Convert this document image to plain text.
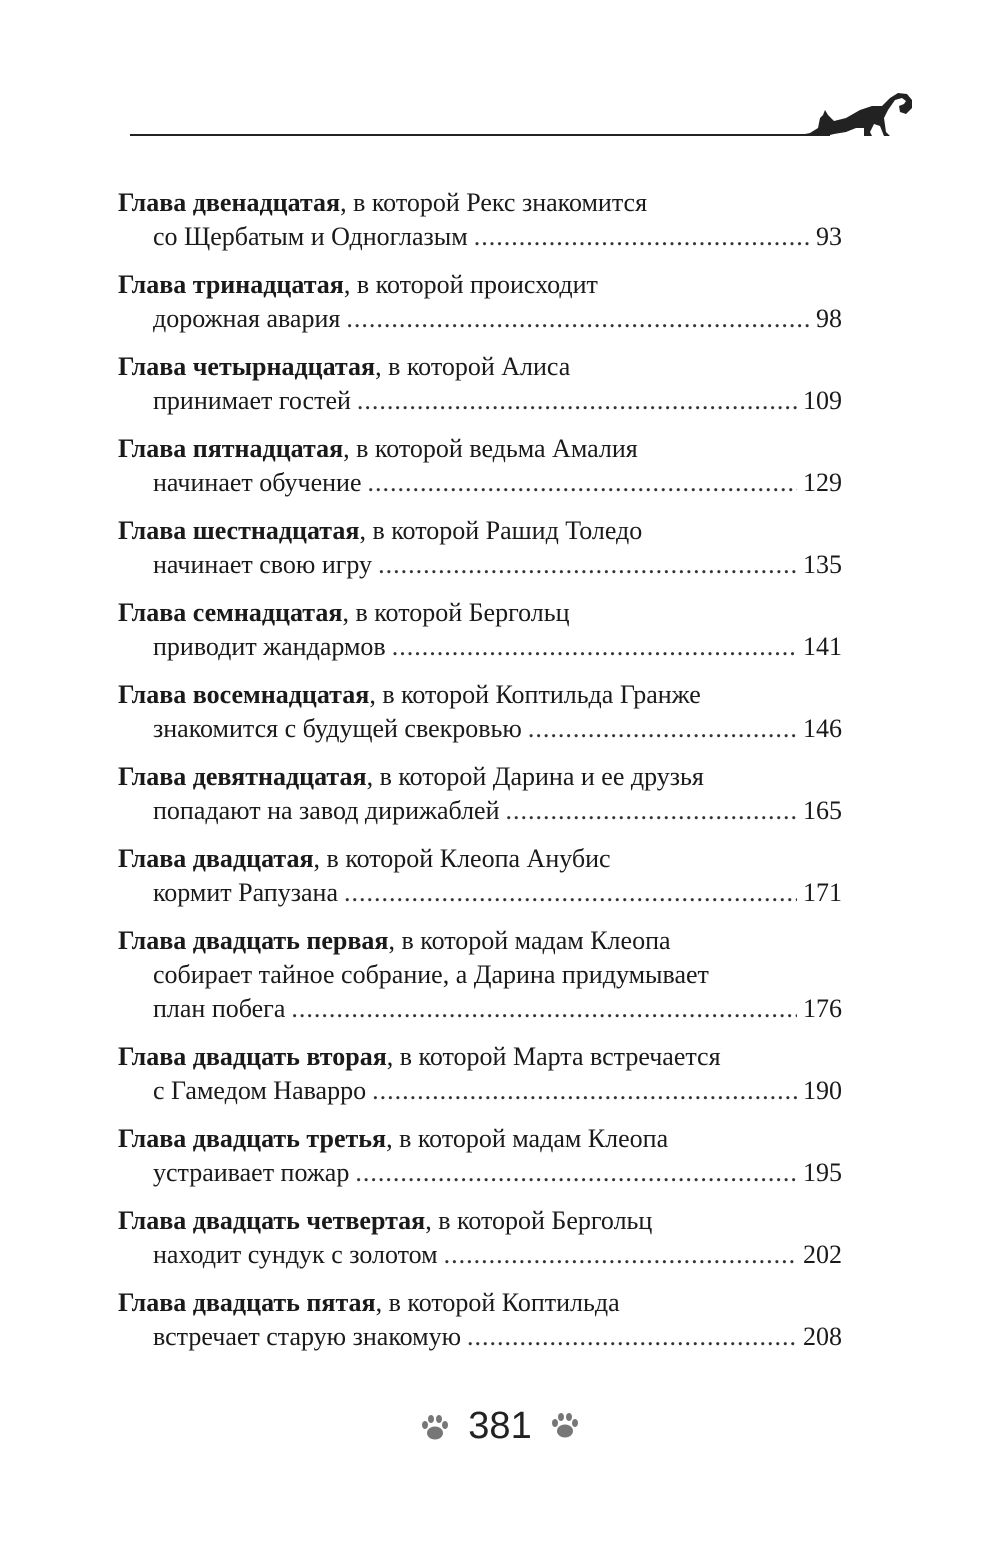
Глава двенадцатая, в которой Рекс знакомится
со Щербатым и Одноглазым .....	93
Глава тринадцатая, в которой происходит
дорожная авария .....	98
Глава четырнадцатая, в которой Алиса
принимает гостей .....	109
Глава пятнадцатая, в которой ведьма Амалия
начинает обучение .....	129
Глава шестнадцатая, в которой Рашид Толедо
начинает свою игру .....	135
Глава семнадцатая, в которой Бергольц
приводит жандармов .....	141
Глава восемнадцатая, в которой Коптильда Гранже
знакомится с будущей свекровью .....	146
Глава девятнадцатая, в которой Дарина и ее друзья
попадают на завод дирижаблей .....	165
Глава двадцатая, в которой Клеопа Анубис
кормит Рапузана .....	171
Глава двадцать первая, в которой мадам Клеопа
собирает тайное собрание, а Дарина придумывает
план побега .....	176
Глава двадцать вторая, в которой Марта встречается
с Гамедом Наварро .....	190
Глава двадцать третья, в которой мадам Клеопа
устраивает пожар .....	195
Глава двадцать четвертая, в которой Бергольц
находит сундук с золотом .....	202
Глава двадцать пятая, в которой Коптильда
встречает старую знакомую .....	208
381
